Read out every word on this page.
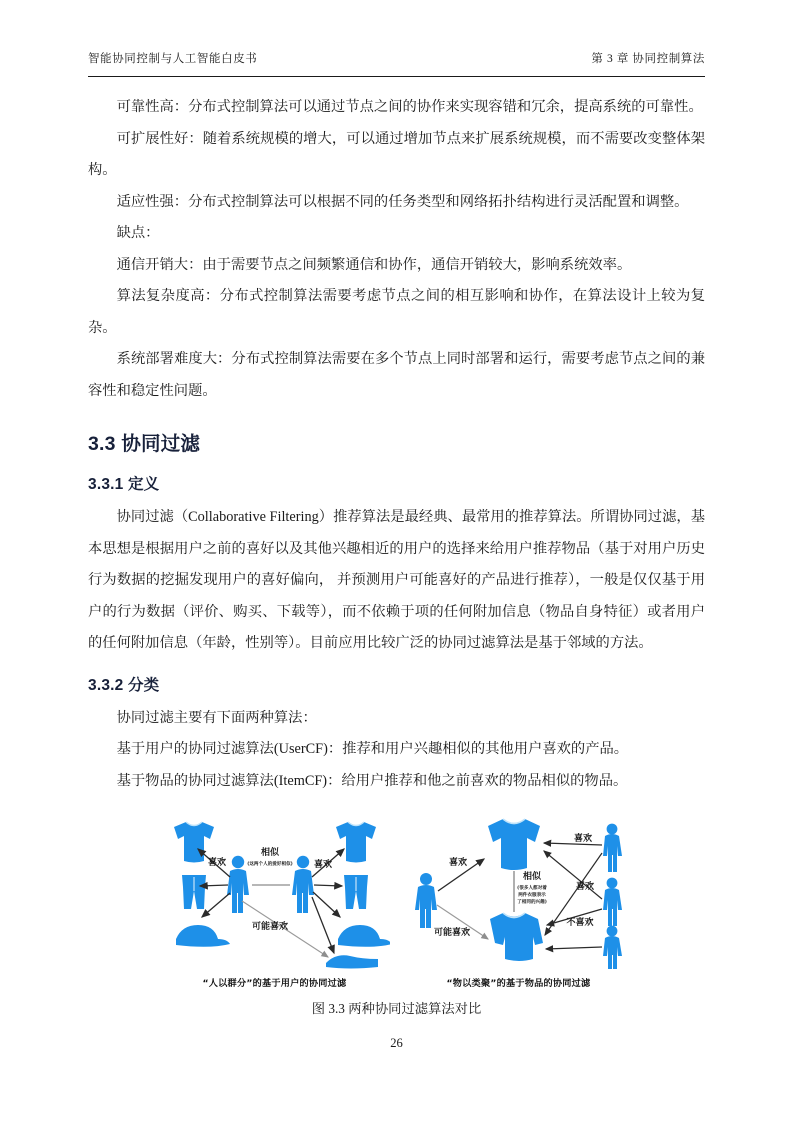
智能协同控制与人工智能白皮书	第 3 章 协同控制算法

可靠性高：分布式控制算法可以通过节点之间的协作来实现容错和冗余，提高系统的可靠性。

可扩展性好：随着系统规模的增大，可以通过增加节点来扩展系统规模，而不需要改变整体架构。

适应性强：分布式控制算法可以根据不同的任务类型和网络拓扑结构进行灵活配置和调整。

缺点：

通信开销大：由于需要节点之间频繁通信和协作，通信开销较大，影响系统效率。

算法复杂度高：分布式控制算法需要考虑节点之间的相互影响和协作，在算法设计上较为复杂。

系统部署难度大：分布式控制算法需要在多个节点上同时部署和运行，需要考虑节点之间的兼容性和稳定性问题。

3.3 协同过滤
3.3.1 定义

协同过滤（Collaborative Filtering）推荐算法是最经典、最常用的推荐算法。所谓协同过滤，基本思想是根据用户之前的喜好以及其他兴趣相近的用户的选择来给用户推荐物品（基于对用户历史行为数据的挖掘发现用户的喜好偏向， 并预测用户可能喜好的产品进行推荐），一般是仅仅基于用户的行为数据（评价、购买、下载等），而不依赖于项的任何附加信息（物品自身特征）或者用户的任何附加信息（年龄，性别等）。目前应用比较广泛的协同过滤算法是基于邻域的方法。

3.3.2 分类

协同过滤主要有下面两种算法：

基于用户的协同过滤算法(UserCF)：推荐和用户兴趣相似的其他用户喜欢的产品。

基于物品的协同过滤算法(ItemCF)：给用户推荐和他之前喜欢的物品相似的物品。

相似
(这两个人的爱好相似)
喜欢	喜欢
可能喜欢
相似
(很多人都对着
两件衣服表示
了相同的兴趣)
喜欢
可能喜欢
喜欢
喜欢
不喜欢
“人以群分”的基于用户的协同过滤	“物以类聚”的基于物品的协同过滤
图 3.3 两种协同过滤算法对比
26
